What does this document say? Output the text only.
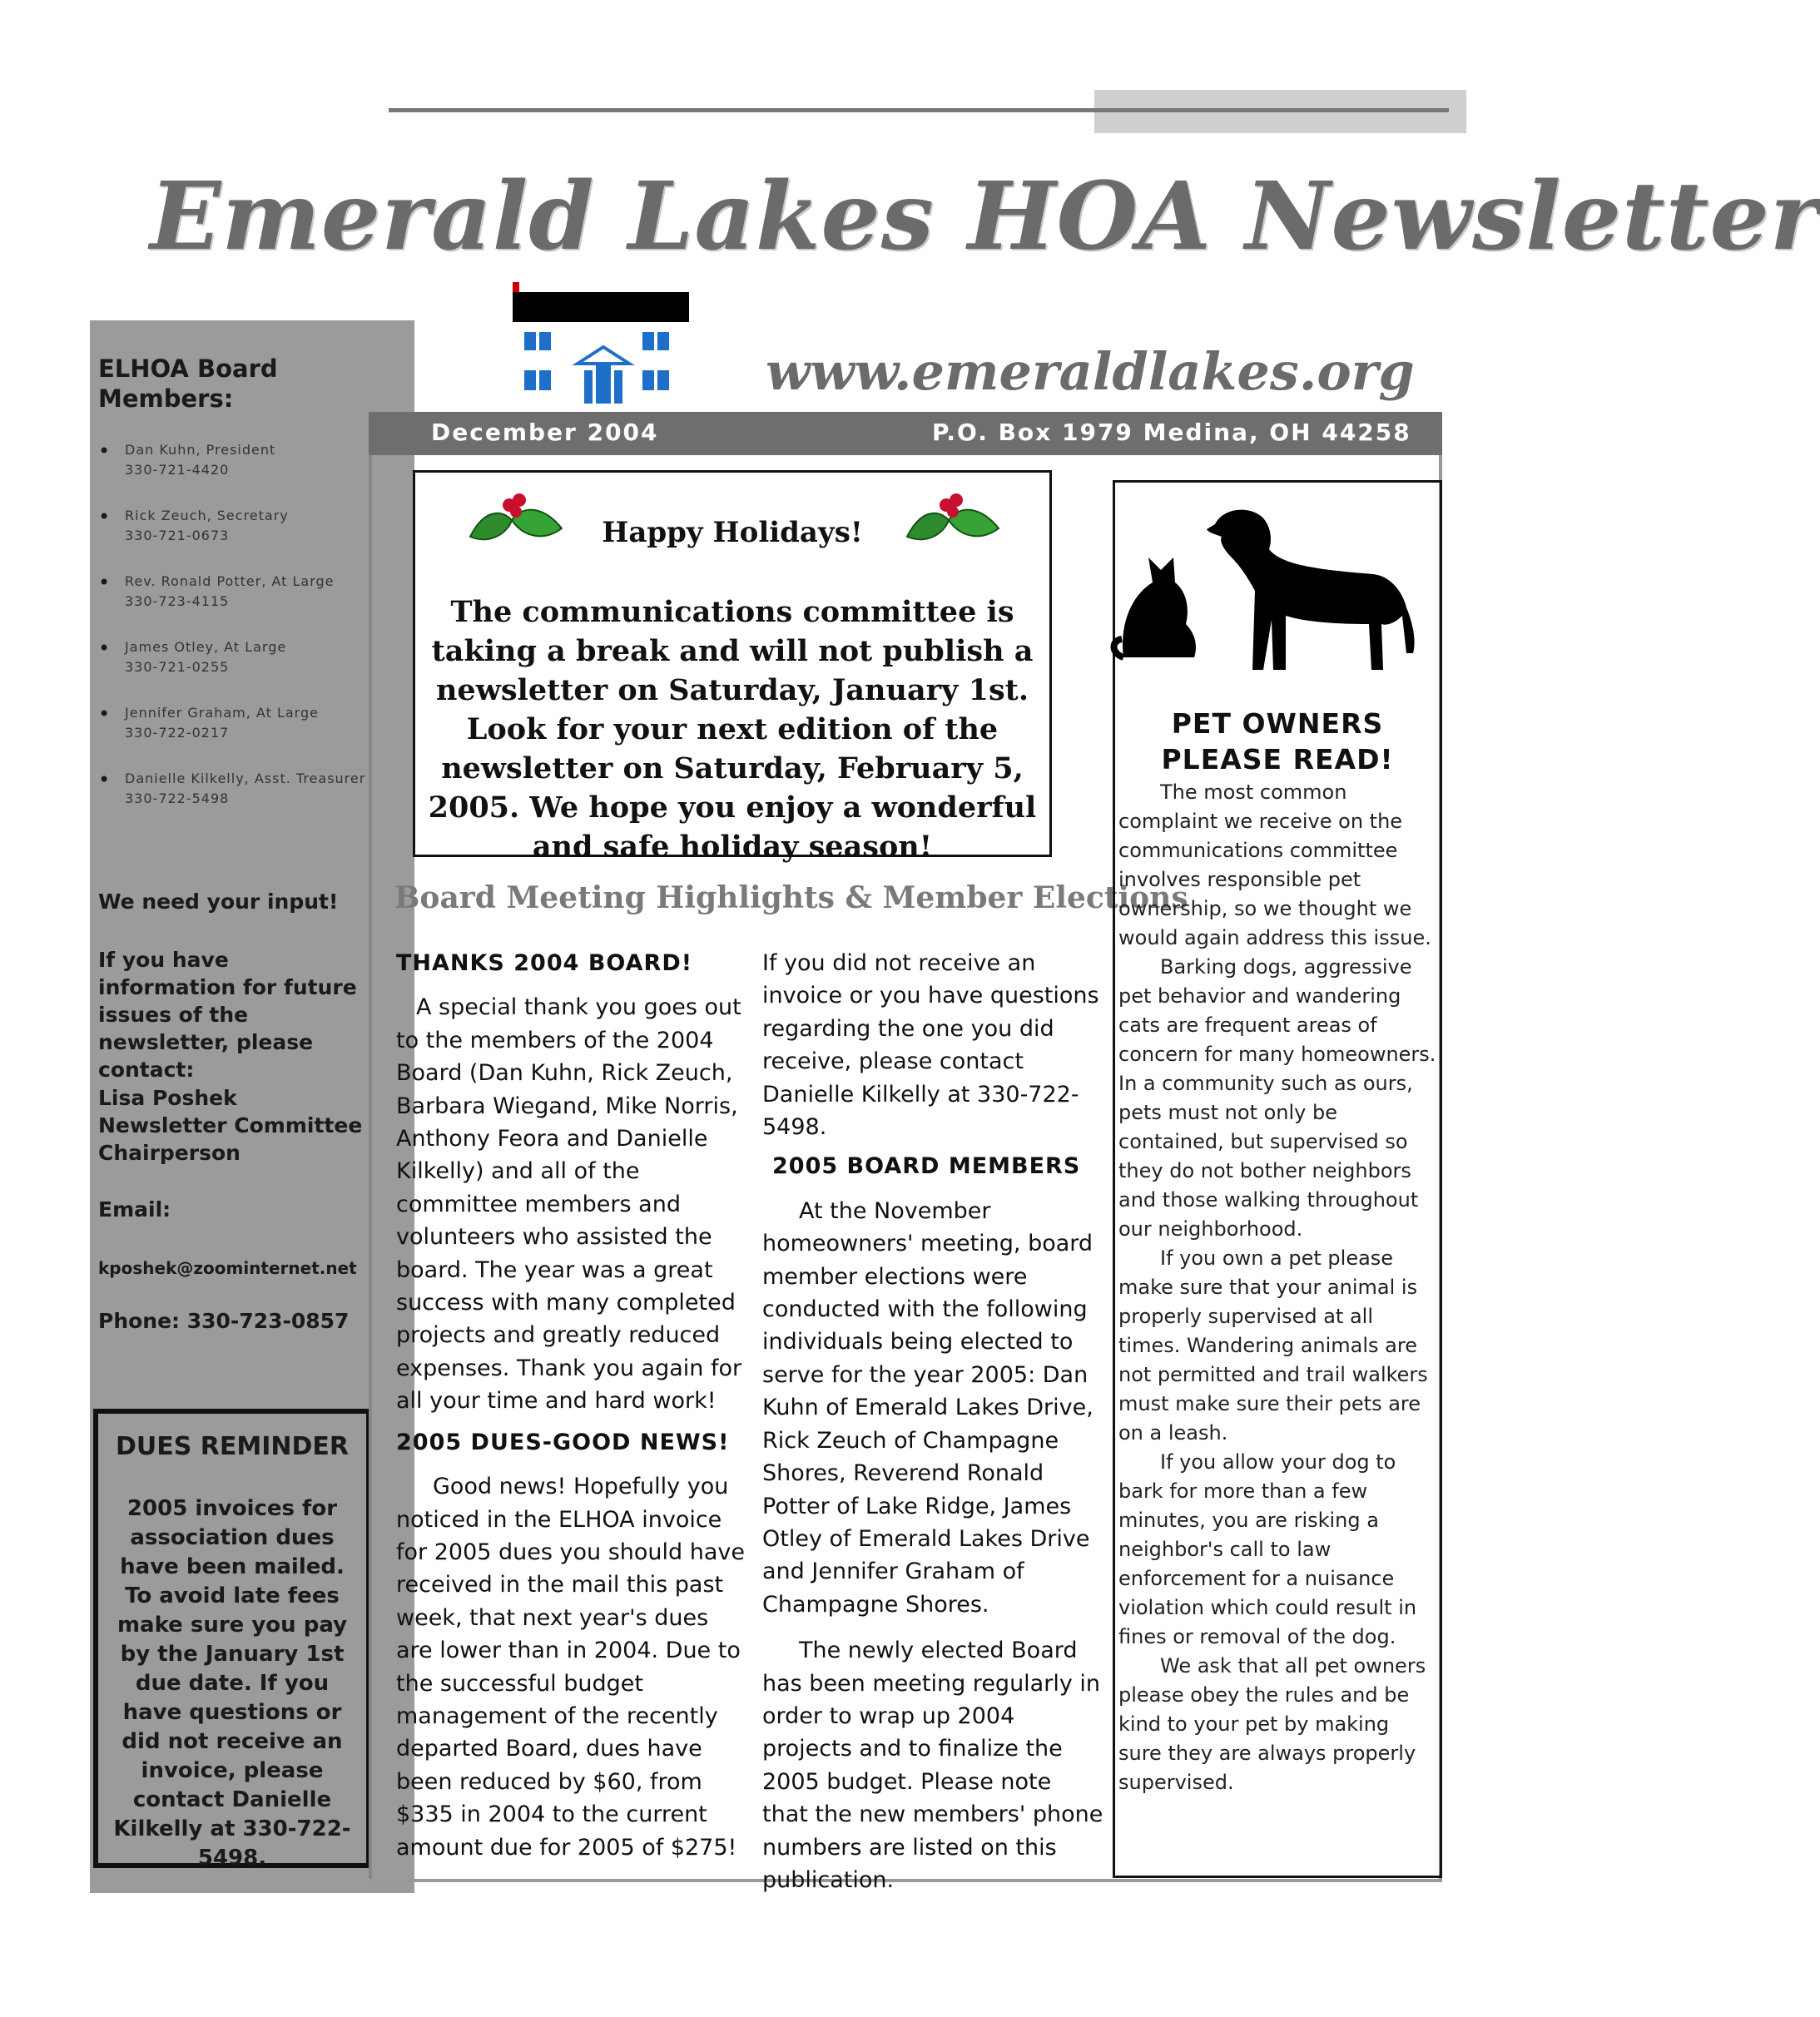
Emerald Lakes HOA Newsletter
ELHOA Board Members:
• Dan Kuhn, President
330-721-4420
• Rick Zeuch, Secretary
330-721-0673
• Rev. Ronald Potter, At Large
330-723-4115
• James Otley, At Large
330-721-0255
• Jennifer Graham, At Large
330-722-0217
• Danielle Kilkelly, Asst. Treasurer
330-722-5498
We need your input!
If you have information for future issues of the newsletter, please contact:
Lisa Poshek
Newsletter Committee Chairperson
Email:
kposhek@zoominternet.net
Phone: 330-723-0857
DUES REMINDER
2005 invoices for association dues have been mailed. To avoid late fees make sure you pay by the January 1st due date. If you have questions or did not receive an invoice, please contact Danielle Kilkelly at 330-722-5498.
www.emeraldlakes.org
December 2004	P.O. Box 1979 Medina, OH 44258
Happy Holidays!
The communications committee is taking a break and will not publish a newsletter on Saturday, January 1st. Look for your next edition of the newsletter on Saturday, February 5, 2005. We hope you enjoy a wonderful and safe holiday season!
Board Meeting Highlights & Member Elections
THANKS 2004 BOARD!

A special thank you goes out to the members of the 2004 Board (Dan Kuhn, Rick Zeuch, Barbara Wiegand, Mike Norris, Anthony Feora and Danielle Kilkelly) and all of the committee members and volunteers who assisted the board. The year was a great success with many completed projects and greatly reduced expenses. Thank you again for all your time and hard work!

2005 DUES-GOOD NEWS!

Good news! Hopefully you noticed in the ELHOA invoice for 2005 dues you should have received in the mail this past week, that next year's dues are lower than in 2004. Due to the successful budget management of the recently departed Board, dues have been reduced by $60, from $335 in 2004 to the current amount due for 2005 of $275!

If you did not receive an invoice or you have questions regarding the one you did receive, please contact Danielle Kilkelly at 330-722-5498.

2005 BOARD MEMBERS

At the November homeowners' meeting, board member elections were conducted with the following individuals being elected to serve for the year 2005: Dan Kuhn of Emerald Lakes Drive, Rick Zeuch of Champagne Shores, Reverend Ronald Potter of Lake Ridge, James Otley of Emerald Lakes Drive and Jennifer Graham of Champagne Shores.

The newly elected Board has been meeting regularly in order to wrap up 2004 projects and to finalize the 2005 budget. Please note that the new members' phone numbers are listed on this publication.

PET OWNERS PLEASE READ!

The most common complaint we receive on the communications committee involves responsible pet ownership, so we thought we would again address this issue.

Barking dogs, aggressive pet behavior and wandering cats are frequent areas of concern for many homeowners. In a community such as ours, pets must not only be contained, but supervised so they do not bother neighbors and those walking throughout our neighborhood.

If you own a pet please make sure that your animal is properly supervised at all times. Wandering animals are not permitted and trail walkers must make sure their pets are on a leash.

If you allow your dog to bark for more than a few minutes, you are risking a neighbor's call to law enforcement for a nuisance violation which could result in fines or removal of the dog.

We ask that all pet owners please obey the rules and be kind to your pet by making sure they are always properly supervised.
